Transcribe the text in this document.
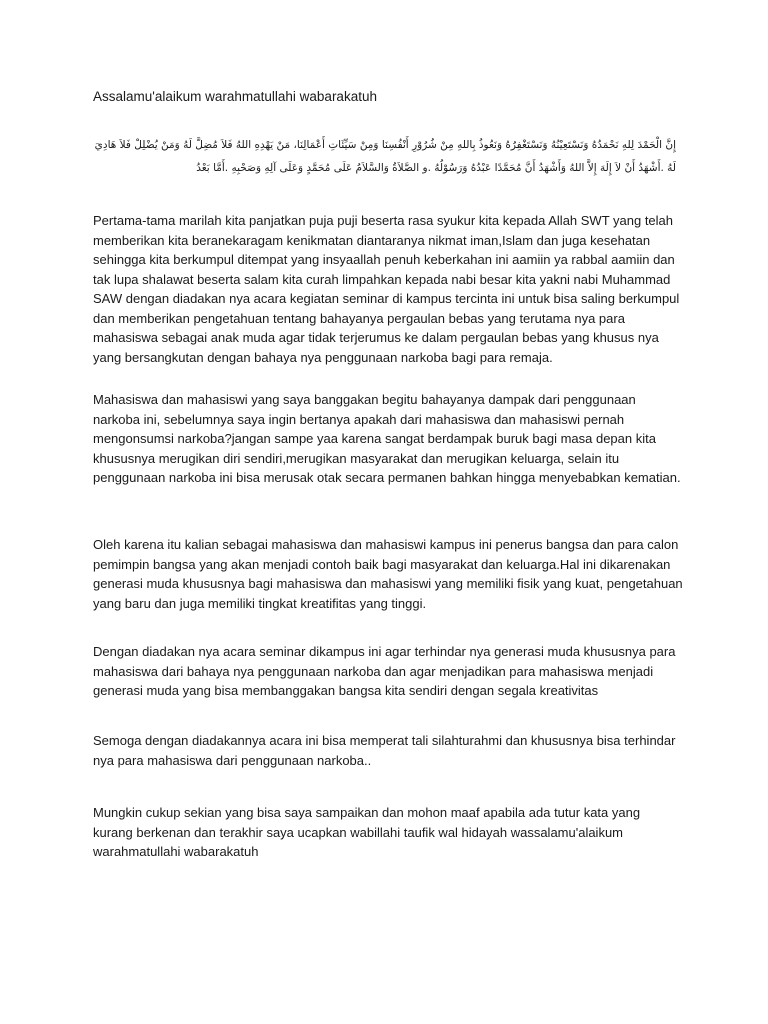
Assalamu'alaikum warahmatullahi wabarakatuh
إِنَّ الْحَمْدَ لِلهِ نَحْمَدُهُ وَنَسْتَعِيْنُهُ وَنَسْتَغْفِرُهُ وَنَعُوذُ بِاللهِ مِنْ شُرُوْرِ أَنْفُسِنَا وَمِنْ سَيِّئَاتِ أَعْمَالِنَا، مَنْ يَهْدِهِ اللهُ فَلاَ مُضِلَّ لَهُ وَمَنْ يُضْلِلْ فَلاَ هَادِيَ لَهُ .أَشْهَدُ أَنْ لاَ إِلَهَ إِلاَّ اللهُ وَأَشْهَدُ أَنَّ مُحَمَّدًا عَبْدُهُ وَرَسُوْلُهُ .و الصَّلاَةُ وَالسَّلاَمُ عَلَى مُحَمَّدٍ وَعَلَى آلِهِ وَصَحْبِهِ .أَمَّا بَعْدُ

Pertama-tama marilah kita panjatkan puja puji beserta rasa syukur kita kepada Allah SWT yang telah memberikan kita beranekaragam kenikmatan diantaranya nikmat iman,Islam dan juga kesehatan sehingga kita berkumpul ditempat yang insyaallah penuh keberkahan ini aamiin ya rabbal aamiin dan tak lupa shalawat beserta salam kita curah limpahkan kepada nabi besar kita yakni nabi Muhammad SAW dengan diadakan nya acara kegiatan seminar di kampus tercinta ini untuk bisa saling berkumpul dan memberikan pengetahuan tentang bahayanya pergaulan bebas yang terutama nya para mahasiswa sebagai anak muda agar tidak terjerumus ke dalam pergaulan bebas yang khusus nya yang bersangkutan dengan bahaya nya penggunaan narkoba bagi para remaja.

Mahasiswa dan mahasiswi yang saya banggakan begitu bahayanya dampak dari penggunaan narkoba ini, sebelumnya saya ingin bertanya apakah dari mahasiswa dan mahasiswi pernah mengonsumsi narkoba?jangan sampe yaa karena sangat berdampak buruk bagi masa depan kita khususnya merugikan diri sendiri,merugikan masyarakat dan merugikan keluarga, selain itu penggunaan narkoba ini bisa merusak otak secara permanen bahkan hingga menyebabkan kematian.

Oleh karena itu kalian sebagai mahasiswa dan mahasiswi kampus ini penerus bangsa dan para calon pemimpin bangsa yang akan menjadi contoh baik bagi masyarakat dan keluarga.Hal ini dikarenakan generasi muda khususnya bagi mahasiswa dan mahasiswi yang memiliki fisik yang kuat, pengetahuan yang baru dan juga memiliki tingkat kreatifitas yang tinggi.

Dengan diadakan nya acara seminar dikampus ini agar terhindar nya generasi muda khususnya para mahasiswa dari bahaya nya penggunaan narkoba dan agar menjadikan para mahasiswa menjadi generasi muda yang bisa membanggakan bangsa kita sendiri dengan segala kreativitas

Semoga dengan diadakannya acara ini bisa memperat tali silahturahmi dan khususnya bisa terhindar nya para mahasiswa dari penggunaan narkoba..

Mungkin cukup sekian yang bisa saya sampaikan dan mohon maaf apabila ada tutur kata yang kurang berkenan dan terakhir saya ucapkan wabillahi taufik wal hidayah wassalamu'alaikum warahmatullahi wabarakatuh
